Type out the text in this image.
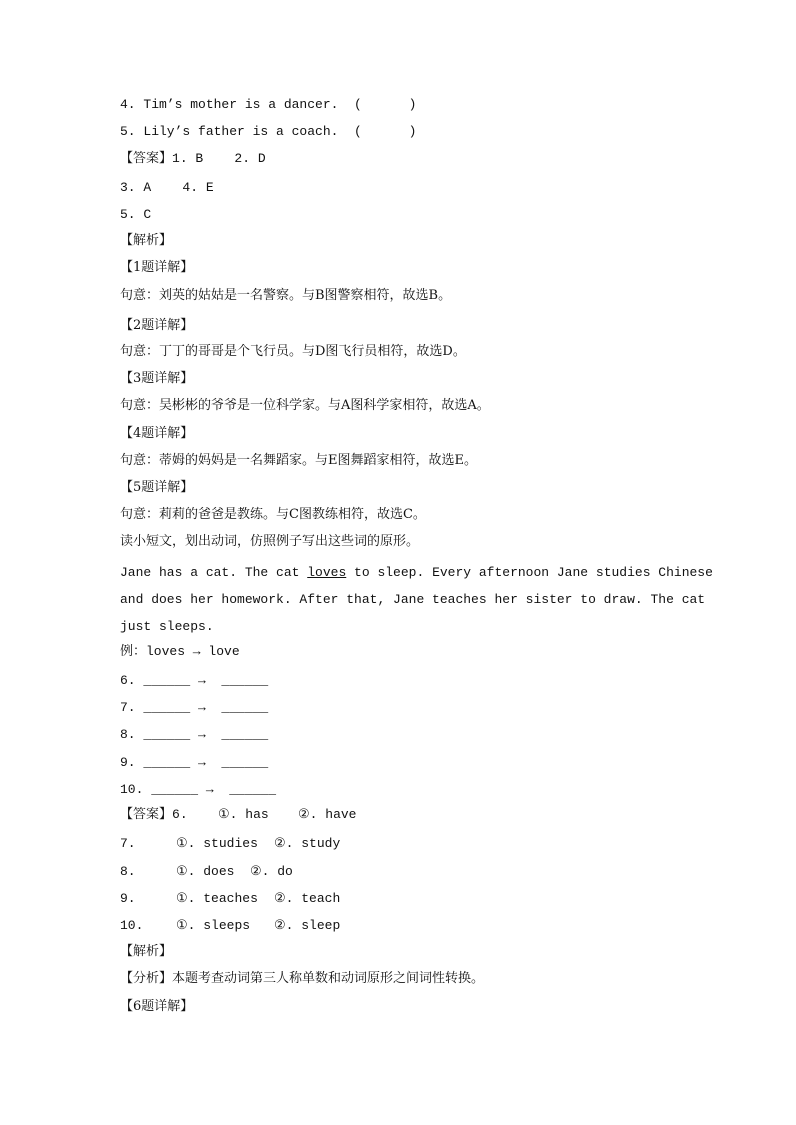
4. Tim’s mother is a dancer.  (      )

5. Lily’s father is a coach.  (      )

【答案】1. B    2. D

3. A    4. E

5. C

【解析】

【1题详解】

句意：刘英的姑姑是一名警察。与B图警察相符，故选B。

【2题详解】

句意：丁丁的哥哥是个飞行员。与D图飞行员相符，故选D。

【3题详解】

句意：吴彬彬的爷爷是一位科学家。与A图科学家相符，故选A。

【4题详解】

句意：蒂姆的妈妈是一名舞蹈家。与E图舞蹈家相符，故选E。

【5题详解】

句意：莉莉的爸爸是教练。与C图教练相符，故选C。

读小短文，划出动词，仿照例子写出这些词的原形。

Jane has a cat. The cat loves to sleep. Every afternoon Jane studies Chinese

and does her homework. After that, Jane teaches her sister to draw. The cat

just sleeps.

例：loves → love

6. ______ →  ______

7. ______ →  ______

8. ______ →  ______

9. ______ →  ______

10. ______ →  ______

【答案】6. ①. has ②. have

7.	①. studies ②. study

8.	①. does ②. do

9.	①. teaches ②. teach

10.	①. sleeps ②. sleep

【解析】

【分析】本题考查动词第三人称单数和动词原形之间词性转换。

【6题详解】
